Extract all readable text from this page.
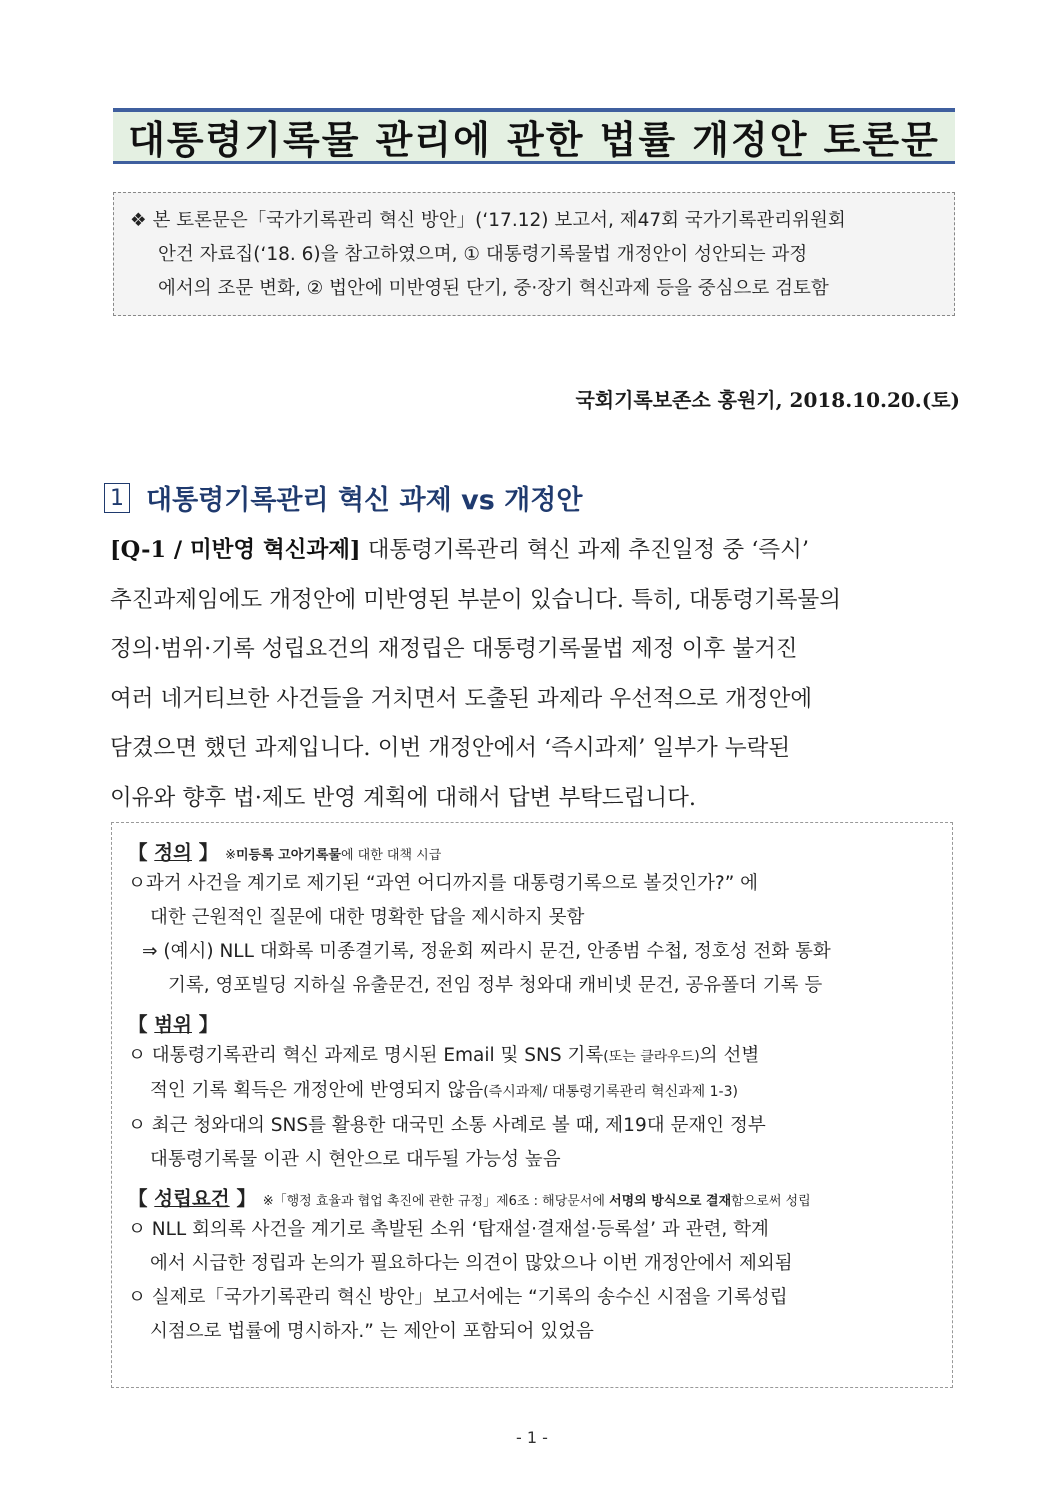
대통령기록물 관리에 관한 법률 개정안 토론문
❖ 본 토론문은「국가기록관리 혁신 방안」(‘17.12) 보고서, 제47회 국가기록관리위원회
안건 자료집(‘18. 6)을 참고하였으며, ① 대통령기록물법 개정안이 성안되는 과정
에서의 조문 변화, ② 법안에 미반영된 단기, 중·장기 혁신과제 등을 중심으로 검토함
국회기록보존소 홍원기, 2018.10.20.(토)
1 대통령기록관리 혁신 과제 vs 개정안
[Q-1 / 미반영 혁신과제] 대통령기록관리 혁신 과제 추진일정 중 ‘즉시’
추진과제임에도 개정안에 미반영된 부분이 있습니다. 특히, 대통령기록물의
정의·범위·기록 성립요건의 재정립은 대통령기록물법 제정 이후 불거진
여러 네거티브한 사건들을 거치면서 도출된 과제라 우선적으로 개정안에
담겼으면 했던 과제입니다. 이번 개정안에서 ‘즉시과제’ 일부가 누락된
이유와 향후 법·제도 반영 계획에 대해서 답변 부탁드립니다.
【 정의 】 ※미등록 고아기록물에 대한 대책 시급
ㅇ과거 사건을 계기로 제기된 “과연 어디까지를 대통령기록으로 볼것인가?” 에
대한 근원적인 질문에 대한 명확한 답을 제시하지 못함
⇒ (예시) NLL 대화록 미종결기록, 정윤회 찌라시 문건, 안종범 수첩, 정호성 전화 통화
기록, 영포빌딩 지하실 유출문건, 전임 정부 청와대 캐비넷 문건, 공유폴더 기록 등
【 범위 】
ㅇ 대통령기록관리 혁신 과제로 명시된 Email 및 SNS 기록(또는 클라우드)의 선별
적인 기록 획득은 개정안에 반영되지 않음(즉시과제/ 대통령기록관리 혁신과제 1-3)
ㅇ 최근 청와대의 SNS를 활용한 대국민 소통 사례로 볼 때, 제19대 문재인 정부
대통령기록물 이관 시 현안으로 대두될 가능성 높음
【 성립요건 】 ※「행정 효율과 협업 촉진에 관한 규정」제6조 : 해당문서에 서명의 방식으로 결재함으로써 성립
ㅇ NLL 회의록 사건을 계기로 촉발된 소위 ‘탑재설·결재설·등록설’ 과 관련, 학계
에서 시급한 정립과 논의가 필요하다는 의견이 많았으나 이번 개정안에서 제외됨
ㅇ 실제로「국가기록관리 혁신 방안」보고서에는 “기록의 송수신 시점을 기록성립
시점으로 법률에 명시하자.” 는 제안이 포함되어 있었음
- 1 -
